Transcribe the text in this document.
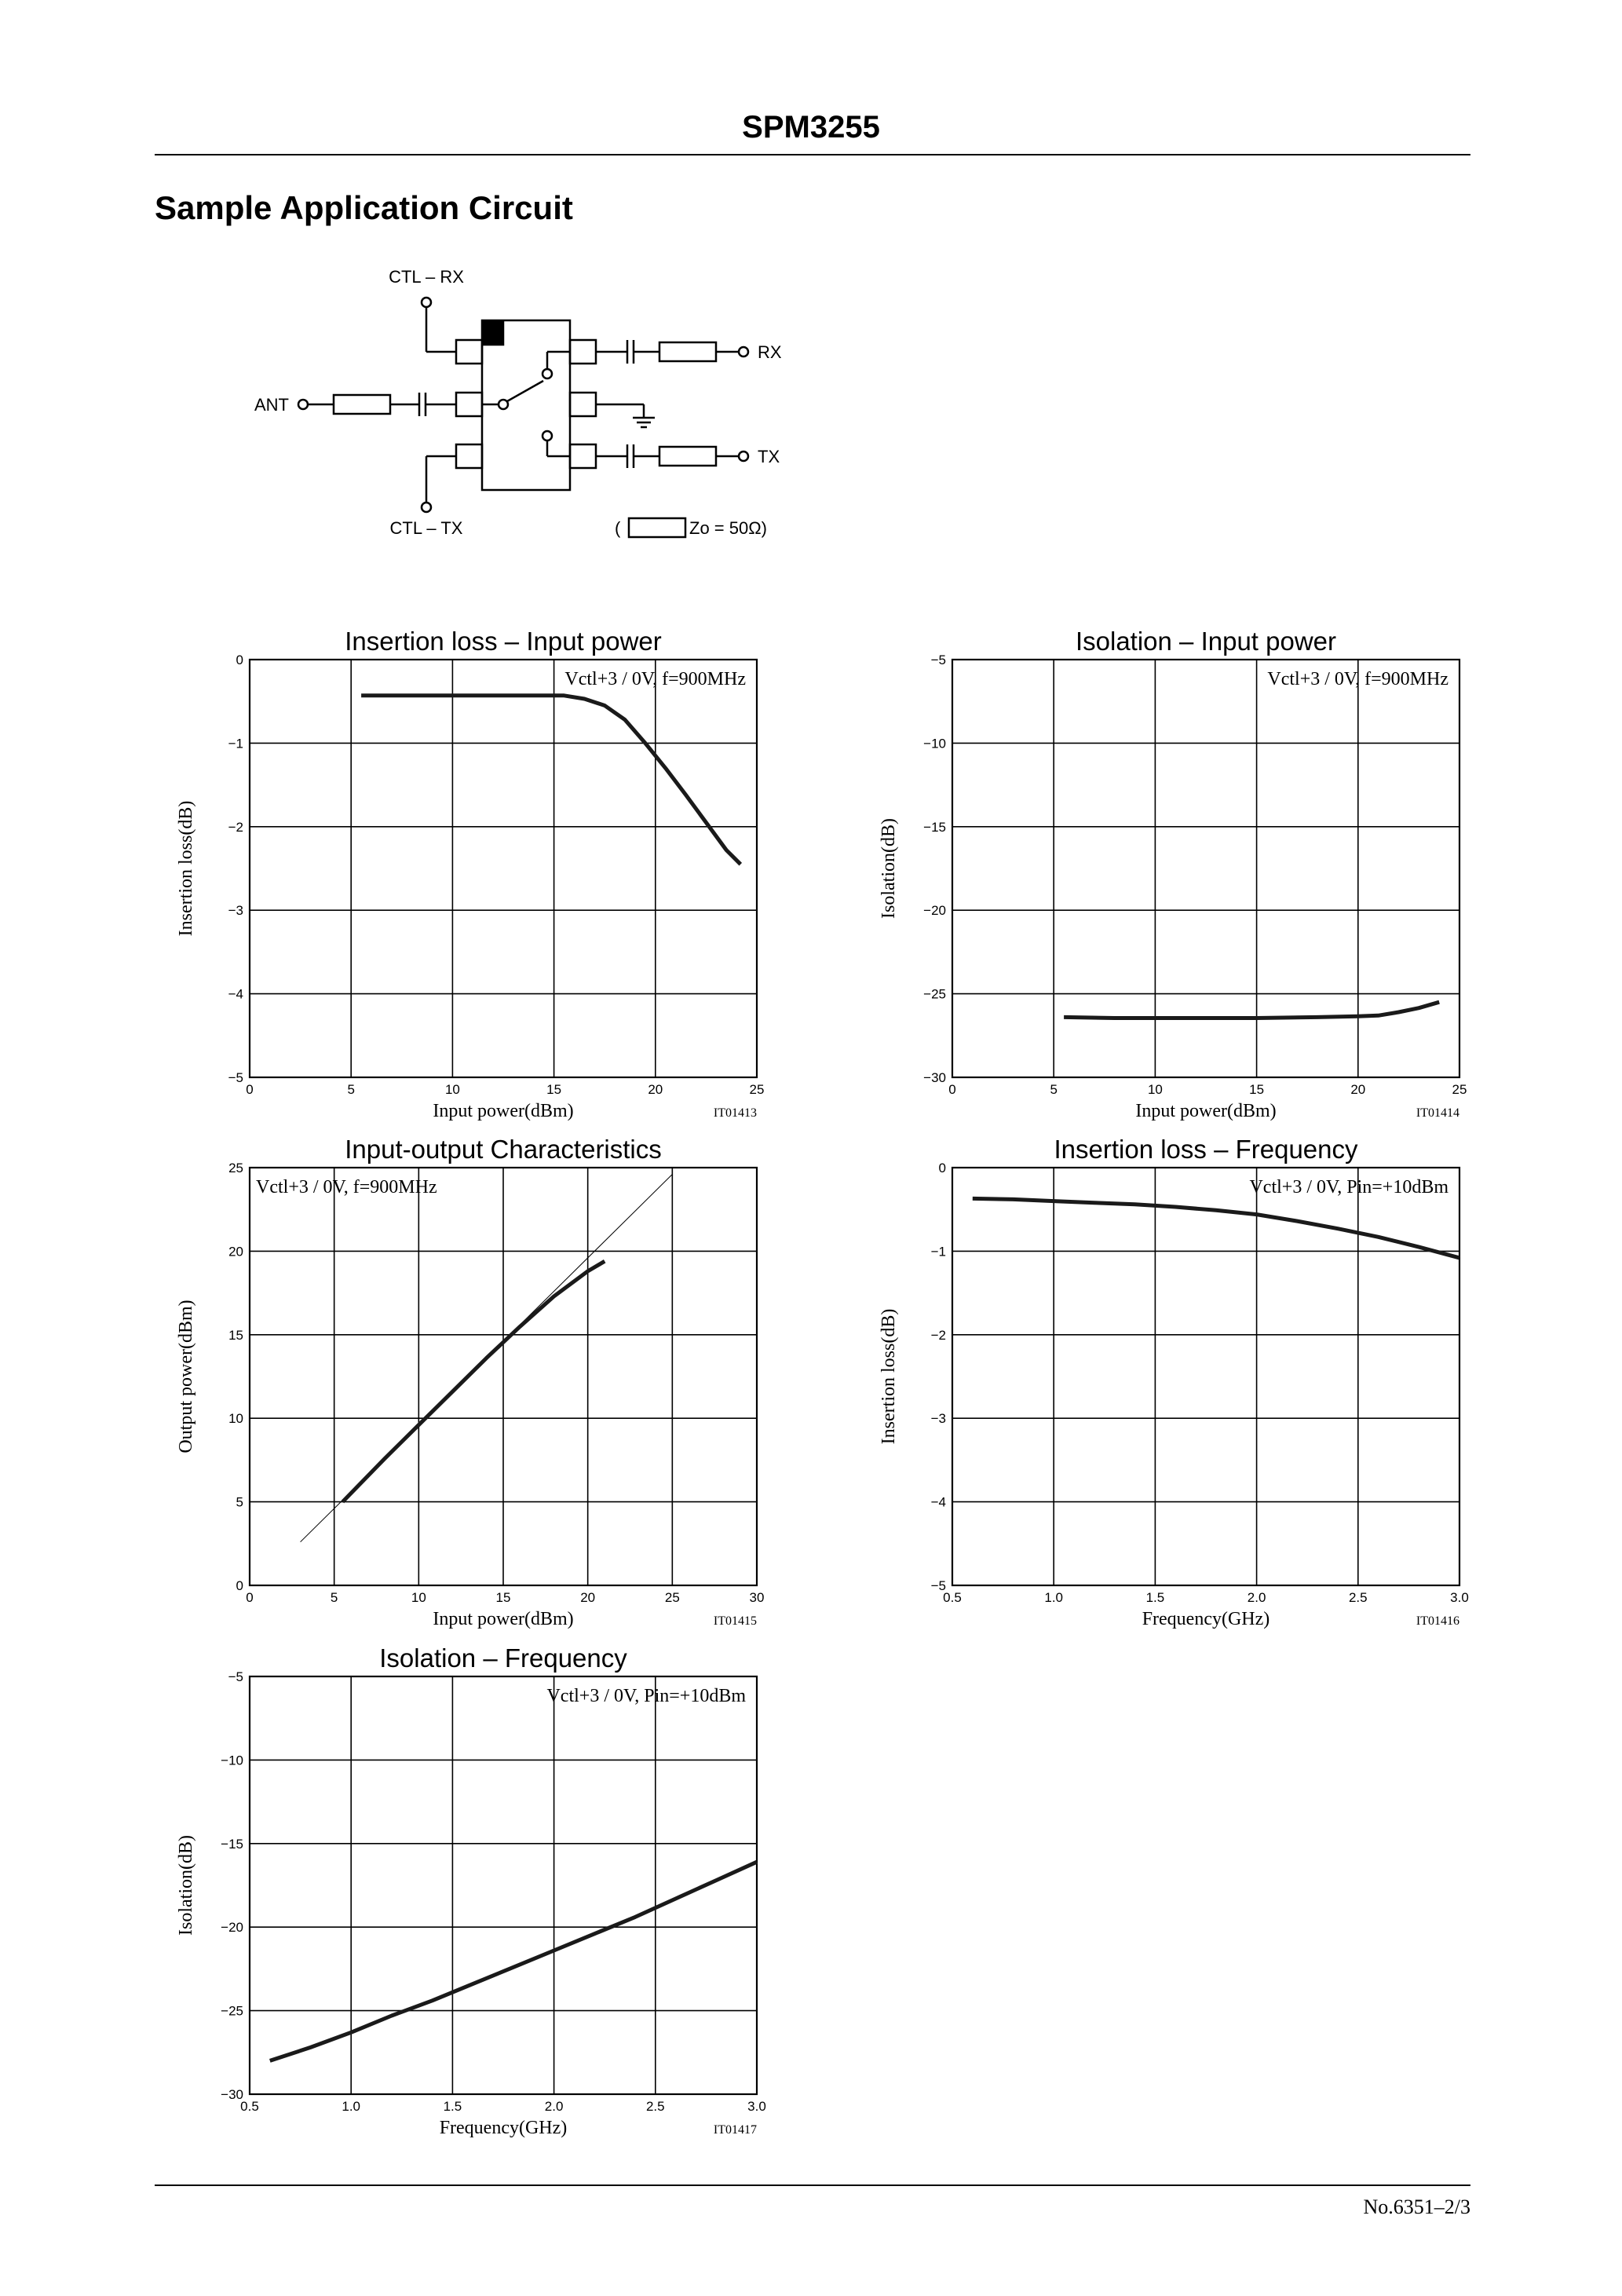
SPM3255
Sample Application Circuit
CTL – RX
CTL – TX
ANT
RX
TX
(	Zo = 50Ω)
Insertion loss – Input power
0	5	10	15	20	25
0
−1
−2
−3
−4
−5
Input power(dBm)
Insertion loss(dB)
IT01413
Vctl+3 / 0V, f=900MHz
Isolation – Input power
0	5	10	15	20	25
−5
−10
−15
−20
−25
−30
Input power(dBm)
Isolation(dB)
IT01414
Vctl+3 / 0V, f=900MHz
Input-output Characteristics
0	5	10	15	20	25	30
25
20
15
10
5
0
Input power(dBm)
Output power(dBm)
IT01415
Vctl+3 / 0V, f=900MHz
Insertion loss – Frequency
0.5	1.0	1.5	2.0	2.5	3.0
0
−1
−2
−3
−4
−5
Frequency(GHz)
Insertion loss(dB)
IT01416
Vctl+3 / 0V, Pin=+10dBm
Isolation – Frequency
0.5	1.0	1.5	2.0	2.5	3.0
−5
−10
−15
−20
−25
−30
Frequency(GHz)
Isolation(dB)
IT01417
Vctl+3 / 0V, Pin=+10dBm
No.6351–2/3
